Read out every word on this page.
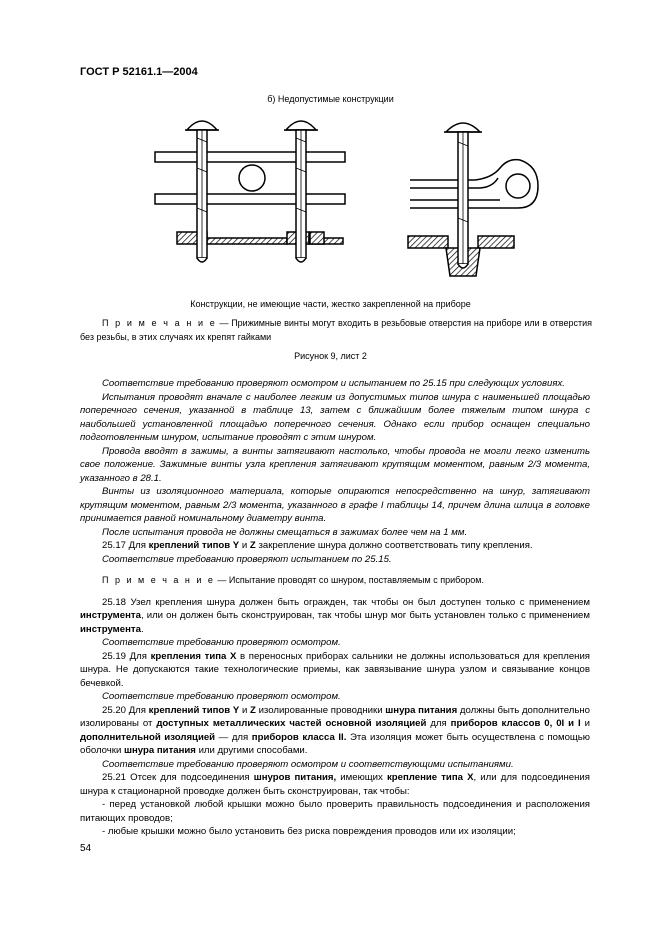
ГОСТ Р 52161.1—2004
б) Недопустимые конструкции
Конструкции, не имеющие части, жестко закрепленной на приборе
П р и м е ч а н и е — Прижимные винты могут входить в резьбовые отверстия на приборе или в отверстия без резьбы, в этих случаях их крепят гайками
Рисунок 9, лист 2

Соответствие требованию проверяют осмотром и испытанием по 25.15 при следующих условиях.

Испытания проводят вначале с наиболее легким из допустимых типов шнура с наименьшей площадью поперечного сечения, указанной в таблице 13, затем с ближайшим более тяжелым типом шнура с наибольшей установленной площадью поперечного сечения. Однако если прибор оснащен специально подготовленным шнуром, испытание проводят с этим шнуром.

Провода вводят в зажимы, а винты затягивают настолько, чтобы провода не могли легко изменить свое положение. Зажимные винты узла крепления затягивают крутящим моментом, равным 2/3 момента, указанного в 28.1.

Винты из изоляционного материала, которые опираются непосредственно на шнур, затягивают крутящим моментом, равным 2/3 момента, указанного в графе I таблицы 14, причем длина шлица в головке принимается равной номинальному диаметру винта.

После испытания провода не должны смещаться в зажимах более чем на 1 мм.

25.17 Для креплений типов Y и Z закрепление шнура должно соответствовать типу крепления.

Соответствие требованию проверяют испытанием по 25.15.

П р и м е ч а н и е — Испытание проводят со шнуром, поставляемым с прибором.

25.18 Узел крепления шнура должен быть огражден, так чтобы он был доступен только с применением инструмента, или он должен быть сконструирован, так чтобы шнур мог быть установлен только с применением инструмента.

Соответствие требованию проверяют осмотром.

25.19 Для крепления типа X в переносных приборах сальники не должны использоваться для крепления шнура. Не допускаются такие технологические приемы, как завязывание шнура узлом и связывание концов бечевкой.

Соответствие требованию проверяют осмотром.

25.20 Для креплений типов Y и Z изолированные проводники шнура питания должны быть дополнительно изолированы от доступных металлических частей основной изоляцией для приборов классов 0, 0I и I и дополнительной изоляцией — для приборов класса II. Эта изоляция может быть осуществлена с помощью оболочки шнура питания или другими способами.

Соответствие требованию проверяют осмотром и соответствующими испытаниями.

25.21 Отсек для подсоединения шнуров питания, имеющих крепление типа X, или для подсоединения шнура к стационарной проводке должен быть сконструирован, так чтобы:

- перед установкой любой крышки можно было проверить правильность подсоединения и расположения питающих проводов;

- любые крышки можно было установить без риска повреждения проводов или их изоляции;

54
